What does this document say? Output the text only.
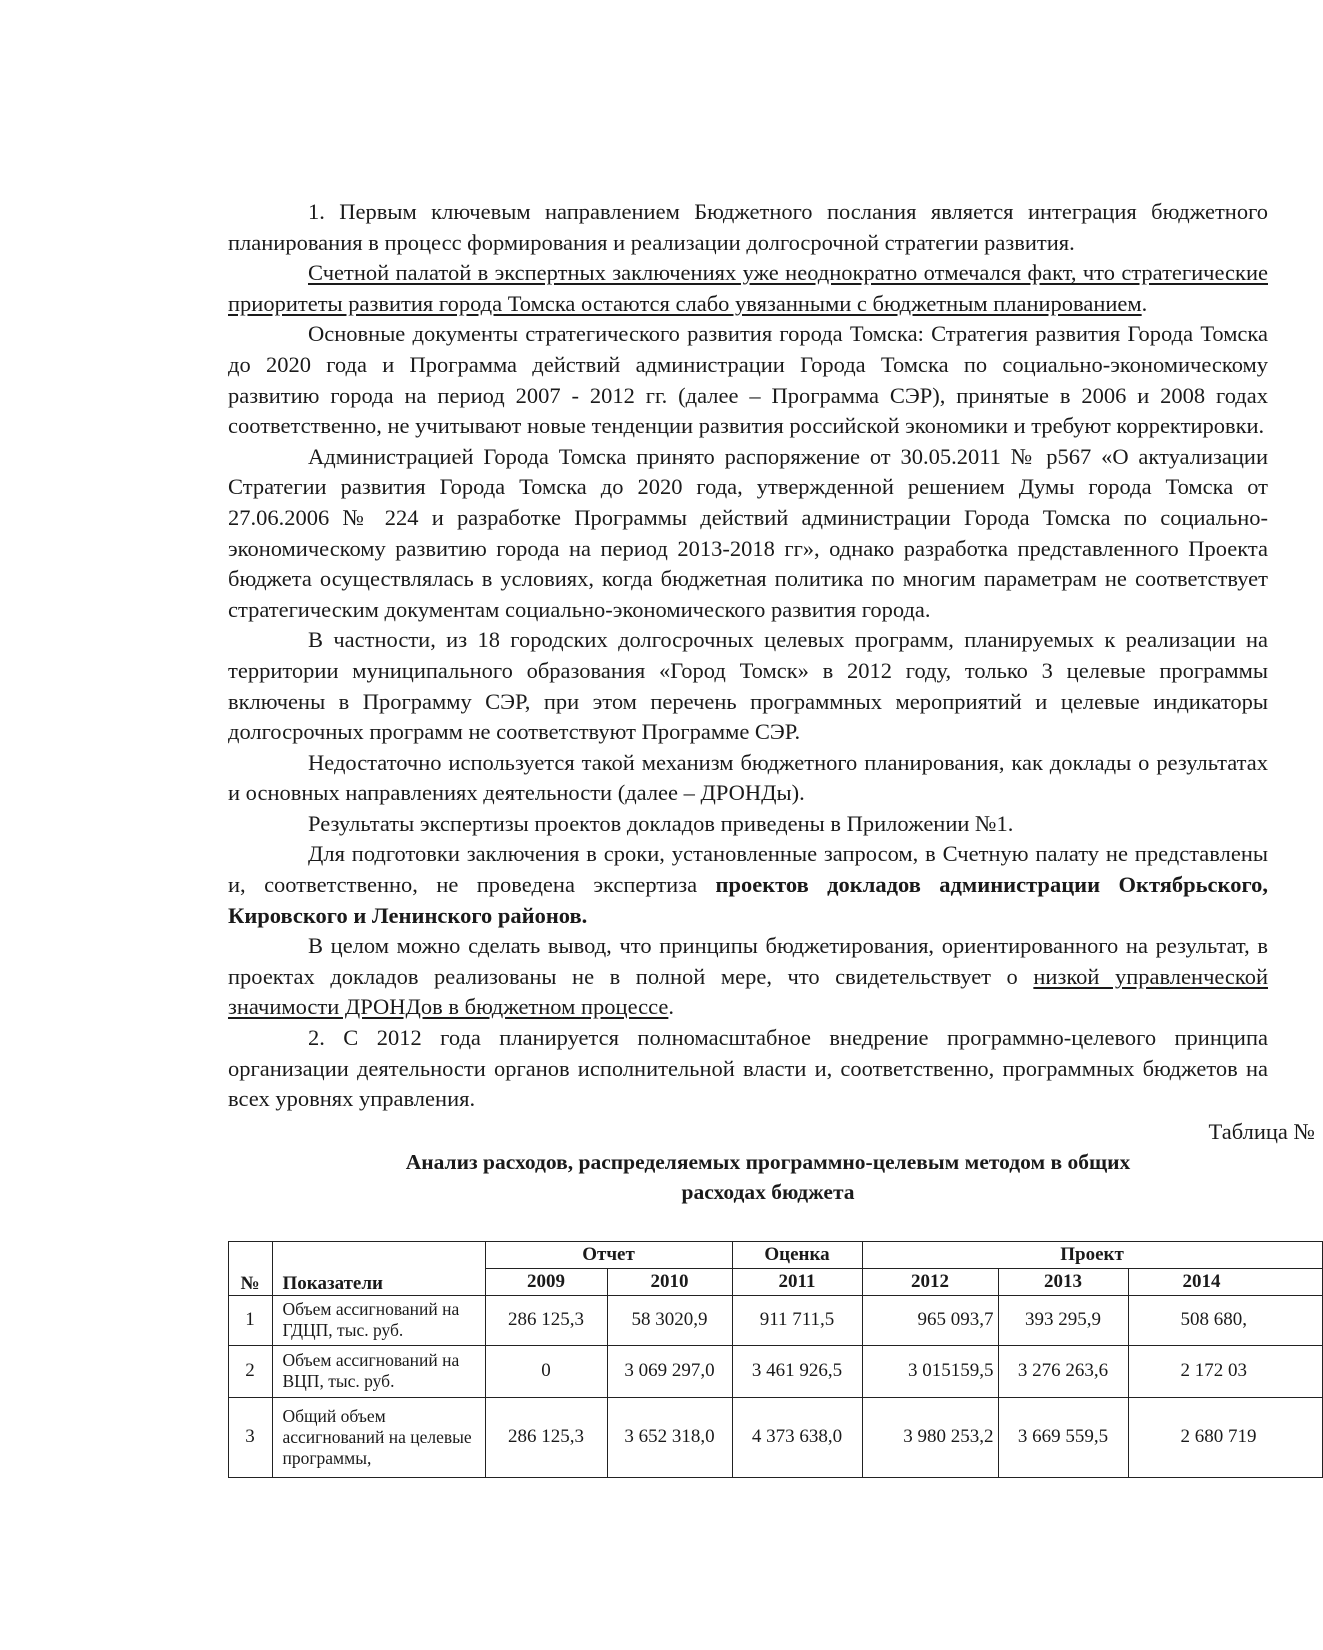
1. Первым ключевым направлением Бюджетного послания является интеграция бюджетного планирования в процесс формирования и реализации долгосрочной стратегии развития.

Счетной палатой в экспертных заключениях уже неоднократно отмечался факт, что стратегические приоритеты развития города Томска остаются слабо увязанными с бюджетным планированием.

Основные документы стратегического развития города Томска: Стратегия развития Города Томска до 2020 года и Программа действий администрации Города Томска по социально-экономическому развитию города на период 2007 - 2012 гг. (далее – Программа СЭР), принятые в 2006 и 2008 годах соответственно, не учитывают новые тенденции развития российской экономики и требуют корректировки.

Администрацией Города Томска принято распоряжение от 30.05.2011 № р567 «О актуализации Стратегии развития Города Томска до 2020 года, утвержденной решением Думы города Томска от 27.06.2006 № 224 и разработке Программы действий администрации Города Томска по социально-экономическому развитию города на период 2013-2018 гг», однако разработка представленного Проекта бюджета осуществлялась в условиях, когда бюджетная политика по многим параметрам не соответствует стратегическим документам социально-экономического развития города.

В частности, из 18 городских долгосрочных целевых программ, планируемых к реализации на территории муниципального образования «Город Томск» в 2012 году, только 3 целевые программы включены в Программу СЭР, при этом перечень программных мероприятий и целевые индикаторы долгосрочных программ не соответствуют Программе СЭР.

Недостаточно используется такой механизм бюджетного планирования, как доклады о результатах и основных направлениях деятельности (далее – ДРОНДы).

Результаты экспертизы проектов докладов приведены в Приложении №1.

Для подготовки заключения в сроки, установленные запросом, в Счетную палату не представлены и, соответственно, не проведена экспертиза проектов докладов администрации Октябрьского, Кировского и Ленинского районов.

В целом можно сделать вывод, что принципы бюджетирования, ориентированного на результат, в проектах докладов реализованы не в полной мере, что свидетельствует о низкой управленческой значимости ДРОНДов в бюджетном процессе.

2. С 2012 года планируется полномасштабное внедрение программно-целевого принципа организации деятельности органов исполнительной власти и, соответственно, программных бюджетов на всех уровнях управления.

Таблица №
Анализ расходов, распределяемых программно-целевым методом в общих
расходах бюджета
№	Показатели	Отчет		Оценка	Проект		
		2009	2010	2011	2012	2013	2014
1	Объем ассигнований на ГДЦП, тыс. руб.	286 125,3	58 3020,9	911 711,5	965 093,7	393 295,9	508 680,
2	Объем ассигнований на ВЦП, тыс. руб.	0	3 069 297,0	3 461 926,5	3 015159,5	3 276 263,6	2 172 03
3	Общий объем ассигнований на целевые программы,	286 125,3	3 652 318,0	4 373 638,0	3 980 253,2	3 669 559,5	2 680 719
